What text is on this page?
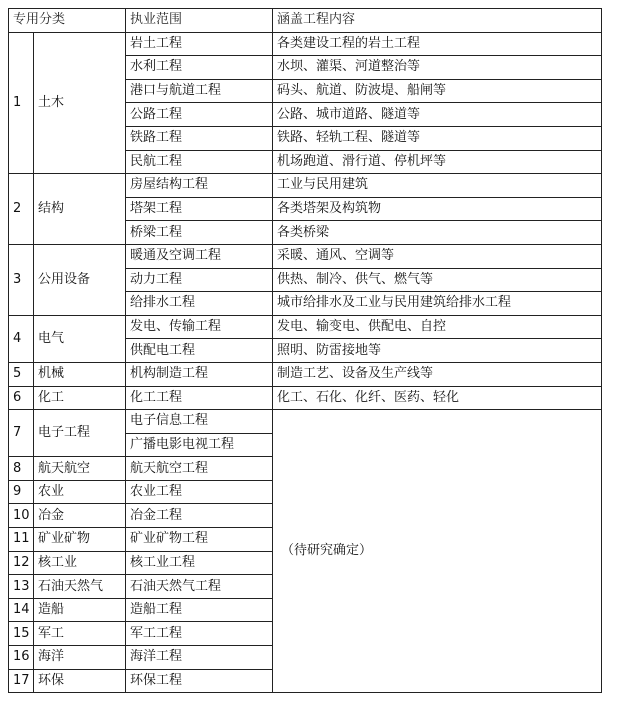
专用分类		执业范围	涵盖工程内容
1	土木	岩土工程	各类建设工程的岩土工程
		水利工程	水坝、灌渠、河道整治等
		港口与航道工程	码头、航道、防波堤、船闸等
		公路工程	公路、城市道路、隧道等
		铁路工程	铁路、轻轨工程、隧道等
		民航工程	机场跑道、滑行道、停机坪等
2	结构	房屋结构工程	工业与民用建筑
		塔架工程	各类塔架及构筑物
		桥梁工程	各类桥梁
3	公用设备	暖通及空调工程	采暖、通风、空调等
		动力工程	供热、制冷、供气、燃气等
		给排水工程	城市给排水及工业与民用建筑给排水工程
4	电气	发电、传输工程	发电、输变电、供配电、自控
		供配电工程	照明、防雷接地等
5	机械	机构制造工程	制造工艺、设备及生产线等
6	化工	化工工程	化工、石化、化纤、医药、轻化
7	电子工程	电子信息工程	（待研究确定）
		广播电影电视工程	
8	航天航空	航天航空工程	
9	农业	农业工程	
10	冶金	冶金工程	
11	矿业矿物	矿业矿物工程	
12	核工业	核工业工程	
13	石油天然气	石油天然气工程	
14	造船	造船工程	
15	军工	军工工程	
16	海洋	海洋工程	
17	环保	环保工程	
